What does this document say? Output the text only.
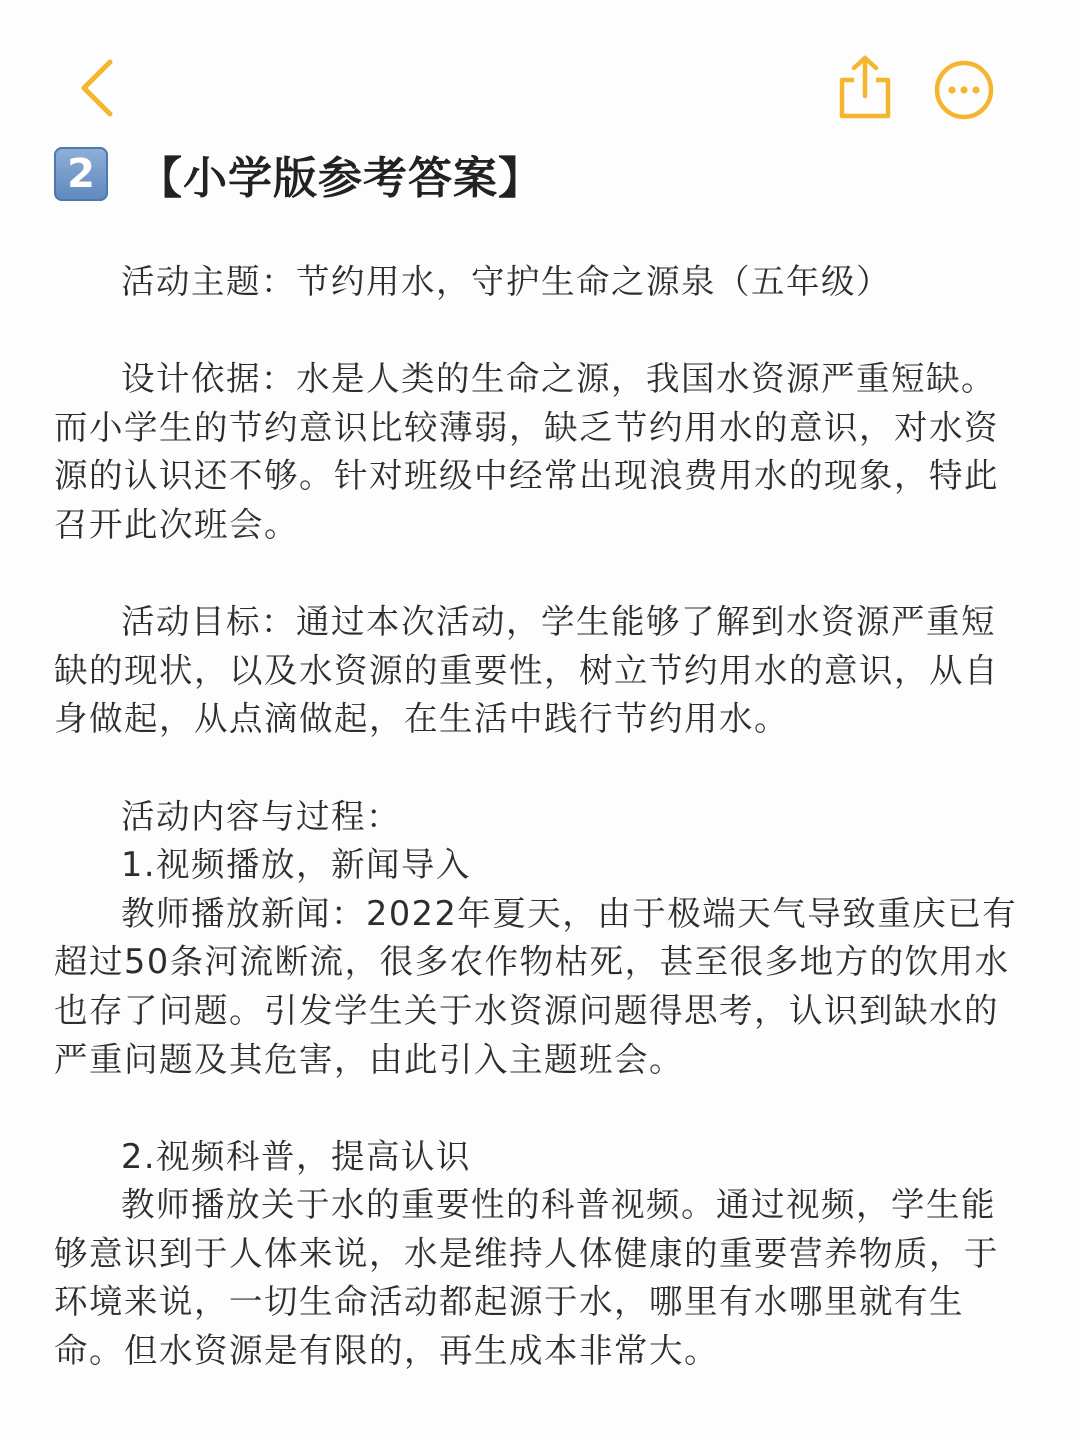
2 【小学版参考答案】

活动主题：节约用水，守护生命之源泉（五年级）

设计依据：水是人类的生命之源，我国水资源严重短缺。而小学生的节约意识比较薄弱，缺乏节约用水的意识，对水资源的认识还不够。针对班级中经常出现浪费用水的现象，特此召开此次班会。

活动目标：通过本次活动，学生能够了解到水资源严重短缺的现状，以及水资源的重要性，树立节约用水的意识，从自身做起，从点滴做起，在生活中践行节约用水。

活动内容与过程：

1.视频播放，新闻导入

教师播放新闻：2022年夏天，由于极端天气导致重庆已有超过50条河流断流，很多农作物枯死，甚至很多地方的饮用水也存了问题。引发学生关于水资源问题得思考，认识到缺水的严重问题及其危害，由此引入主题班会。

2.视频科普，提高认识

教师播放关于水的重要性的科普视频。通过视频，学生能够意识到于人体来说，水是维持人体健康的重要营养物质，于环境来说，一切生命活动都起源于水，哪里有水哪里就有生命。但水资源是有限的，再生成本非常大。
